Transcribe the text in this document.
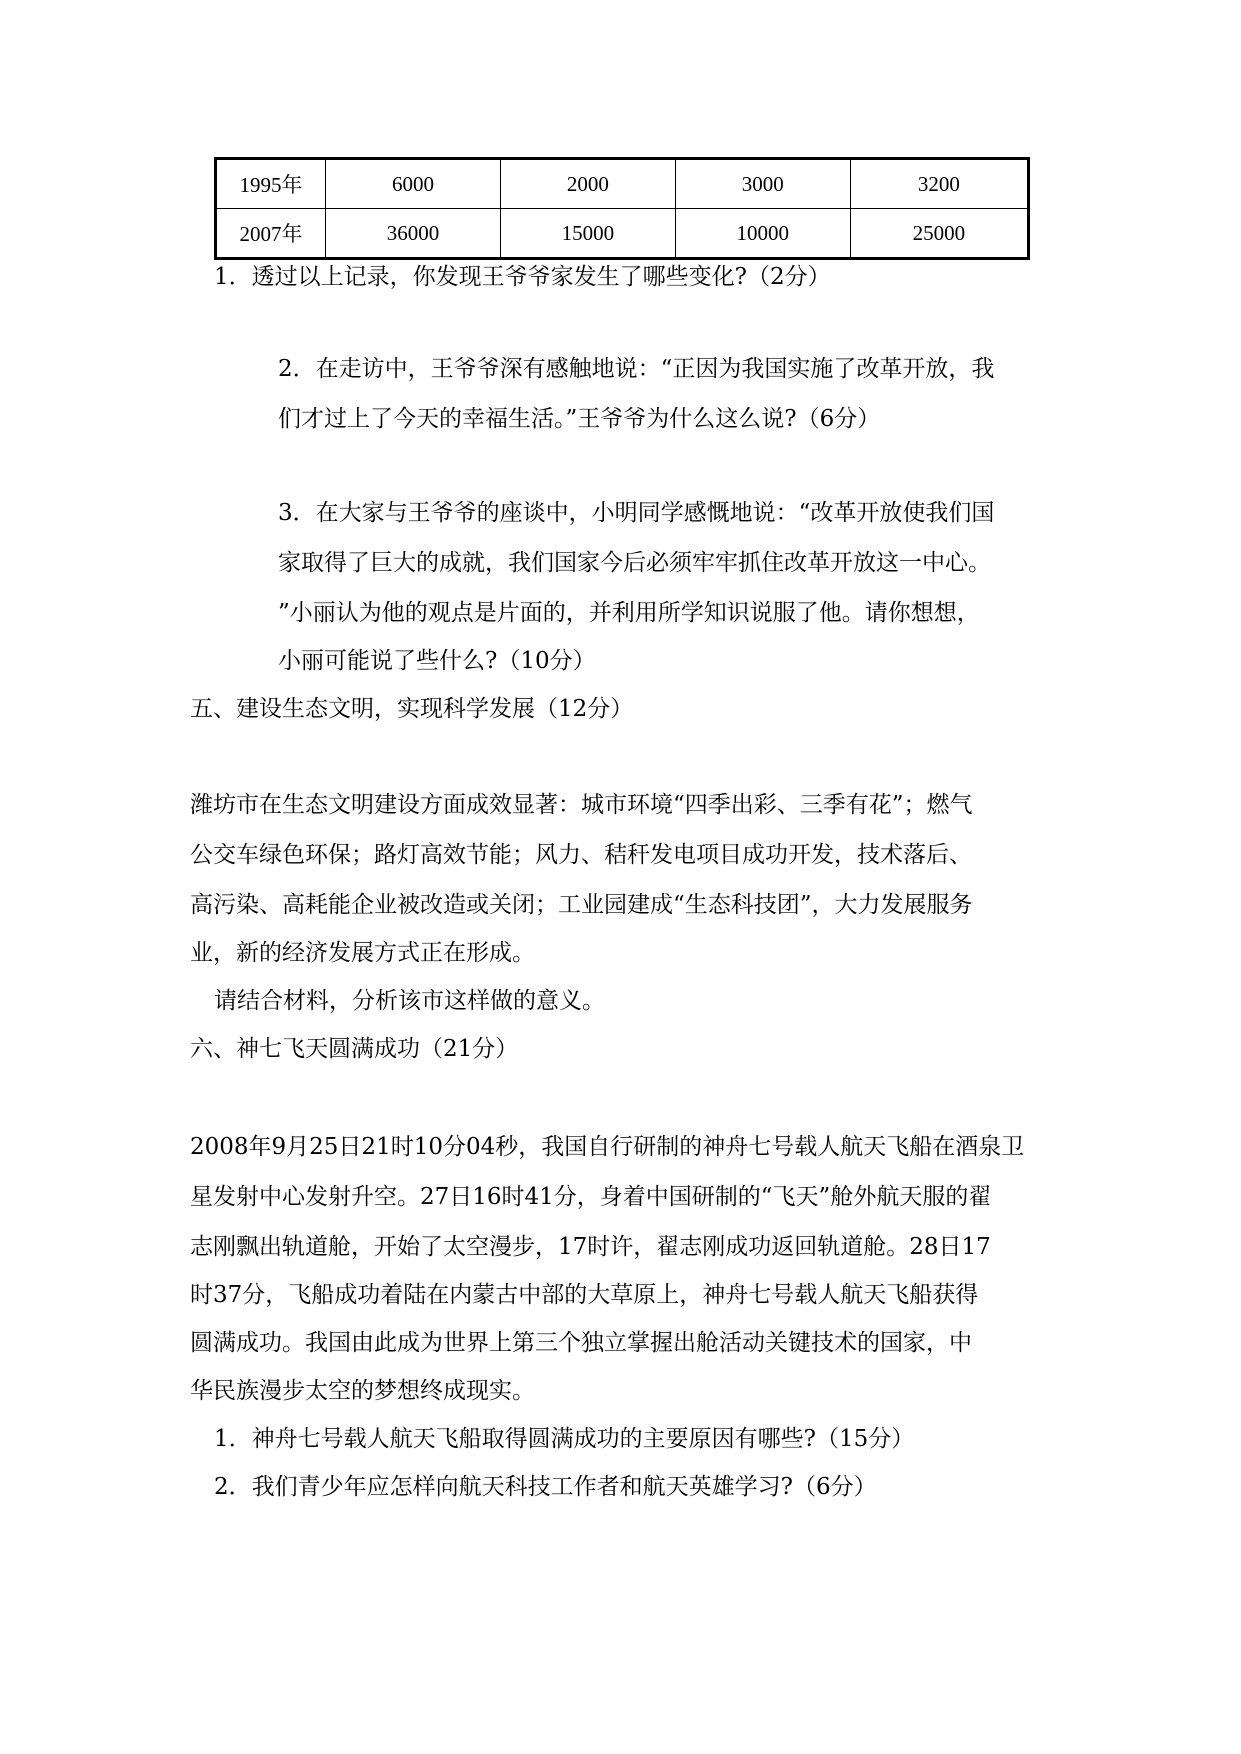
1995年	6000	2000	3000	3200
2007年	36000	15000	10000	25000
1．透过以上记录，你发现王爷爷家发生了哪些变化?（2分）
2．在走访中，王爷爷深有感触地说：“正因为我国实施了改革开放，我
们才过上了今天的幸福生活。”王爷爷为什么这么说?（6分）
3．在大家与王爷爷的座谈中，小明同学感慨地说：“改革开放使我们国
家取得了巨大的成就，我们国家今后必须牢牢抓住改革开放这一中心。
”小丽认为他的观点是片面的，并利用所学知识说服了他。请你想想，
小丽可能说了些什么?（10分）
五、建设生态文明，实现科学发展（12分）
潍坊市在生态文明建设方面成效显著：城市环境“四季出彩、三季有花”；燃气
公交车绿色环保；路灯高效节能；风力、秸秆发电项目成功开发，技术落后、
高污染、高耗能企业被改造或关闭；工业园建成“生态科技团”，大力发展服务
业，新的经济发展方式正在形成。
请结合材料，分析该市这样做的意义。
六、神七飞天圆满成功（21分）
2008年9月25日21时10分04秒，我国自行研制的神舟七号载人航天飞船在酒泉卫
星发射中心发射升空。27日16时41分，身着中国研制的“飞天”舱外航天服的翟
志刚飘出轨道舱，开始了太空漫步，17时许，翟志刚成功返回轨道舱。28日17
时37分，飞船成功着陆在内蒙古中部的大草原上，神舟七号载人航天飞船获得
圆满成功。我国由此成为世界上第三个独立掌握出舱活动关键技术的国家，中
华民族漫步太空的梦想终成现实。
1．神舟七号载人航天飞船取得圆满成功的主要原因有哪些?（15分）
2．我们青少年应怎样向航天科技工作者和航天英雄学习?（6分）
